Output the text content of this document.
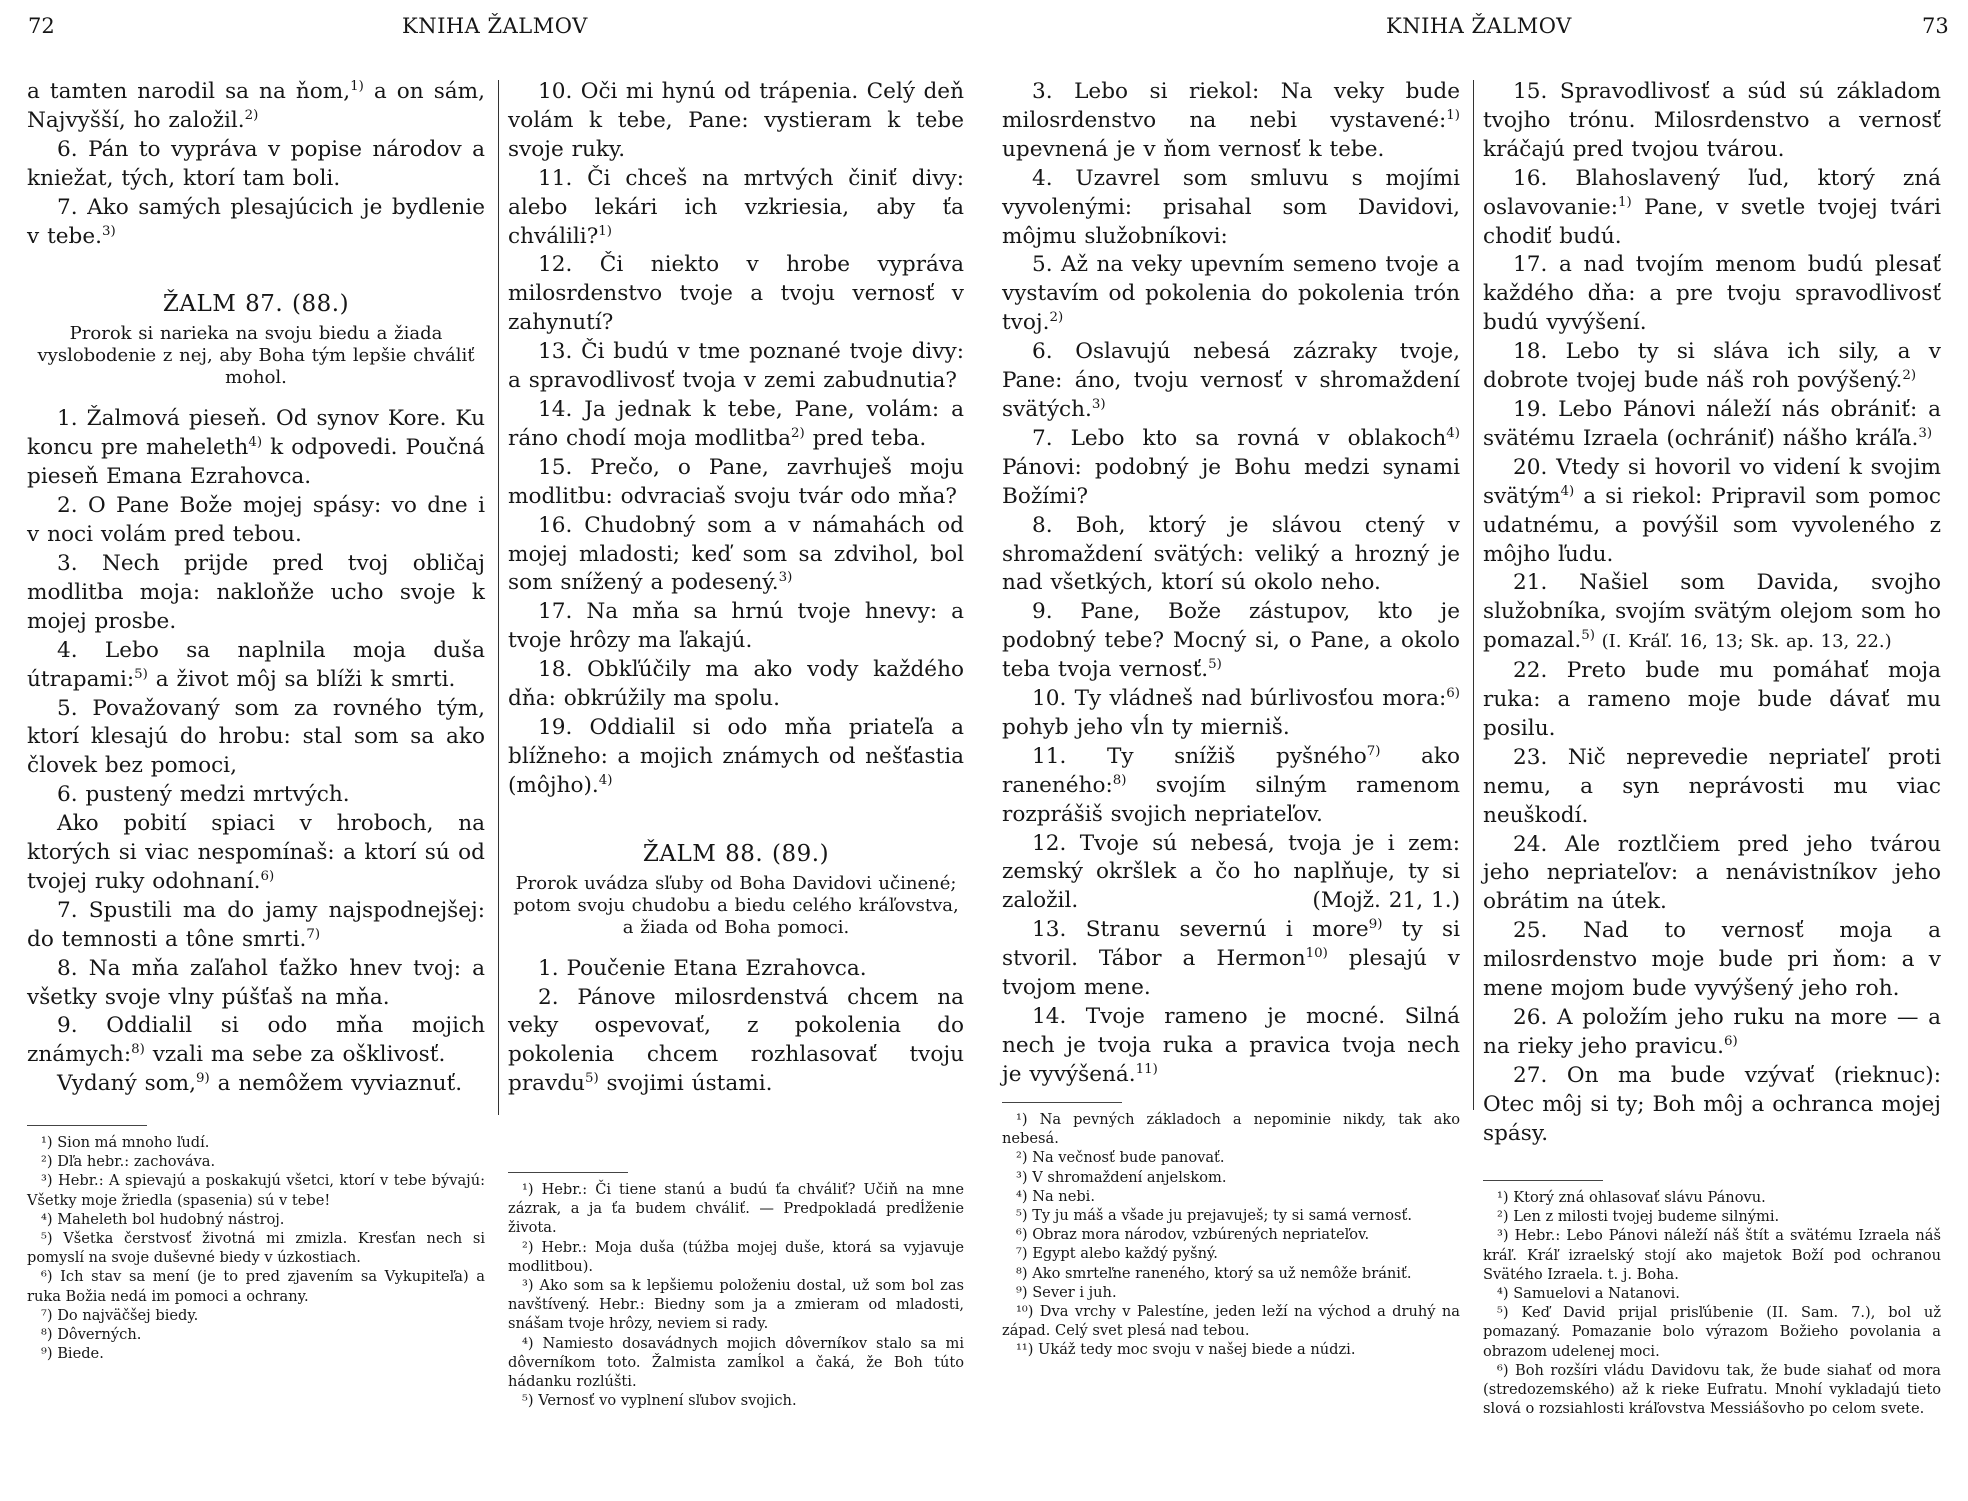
72	KNIHA ŽALMOV

a tamten narodil sa na ňom,$^{1)}$ a on sám, Najvyšší, ho založil.$^{2)}$

6. Pán to vypráva v popise národov a kniežat, tých, ktorí tam boli.

7. Ako samých plesajúcich je bydlenie v tebe.$^{3)}$

ŽALM 87. (88.)
Prorok si narieka na svoju biedu a žiada vyslobodenie z nej, aby Boha tým lepšie chváliť mohol.

1. Žalmová pieseň. Od synov Kore. Ku koncu pre maheleth$^{4)}$ k odpovedi. Poučná pieseň Emana Ezrahovca.

2. O Pane Bože mojej spásy: vo dne i v noci volám pred tebou.

3. Nech prijde pred tvoj obličaj modlitba moja: nakloňže ucho svoje k mojej prosbe.

4. Lebo sa naplnila moja duša útrapami:$^{5)}$ a život môj sa blíži k smrti.

5. Považovaný som za rovného tým, ktorí klesajú do hrobu: stal som sa ako človek bez pomoci,

6. pustený medzi mrtvých.

Ako pobití spiaci v hroboch, na ktorých si viac nespomínaš: a ktorí sú od tvojej ruky odohnaní.$^{6)}$

7. Spustili ma do jamy najspodnejšej: do temnosti a tône smrti.$^{7)}$

8. Na mňa zaľahol ťažko hnev tvoj: a všetky svoje vlny púšťaš na mňa.

9. Oddialil si odo mňa mojich známych:$^{8)}$ vzali ma sebe za ošklivosť.

Vydaný som,$^{9)}$ a nemôžem vyviaznuť.

10. Oči mi hynú od trápenia. Celý deň volám k tebe, Pane: vystieram k tebe svoje ruky.

11. Či chceš na mrtvých činiť divy: alebo lekári ich vzkriesia, aby ťa chválili?$^{1)}$

12. Či niekto v hrobe vypráva milosrdenstvo tvoje a tvoju vernosť v zahynutí?

13. Či budú v tme poznané tvoje divy: a spravodlivosť tvoja v zemi zabudnutia?

14. Ja jednak k tebe, Pane, volám: a ráno chodí moja modlitba$^{2)}$ pred teba.

15. Prečo, o Pane, zavrhuješ moju modlitbu: odvraciaš svoju tvár odo mňa?

16. Chudobný som a v námahách od mojej mladosti; keď som sa zdvihol, bol som snížený a podesený.$^{3)}$

17. Na mňa sa hrnú tvoje hnevy: a tvoje hrôzy ma ľakajú.

18. Obkľúčily ma ako vody každého dňa: obkrúžily ma spolu.

19. Oddialil si odo mňa priateľa a blížneho: a mojich známych od nešťastia (môjho).$^{4)}$

ŽALM 88. (89.)
Prorok uvádza sľuby od Boha Davidovi učinené; potom svoju chudobu a biedu celého kráľovstva, a žiada od Boha pomoci.

1. Poučenie Etana Ezrahovca.

2. Pánove milosrdenstvá chcem na veky ospevovať, z pokolenia do pokolenia chcem rozhlasovať tvoju pravdu$^{5)}$ svojimi ústami.

¹) Sion má mnoho ľudí.

²) Dľa hebr.: zachováva.

³) Hebr.: A spievajú a poskakujú všetci, ktorí v tebe bývajú: Všetky moje žriedla (spasenia) sú v tebe!

⁴) Maheleth bol hudobný nástroj.

⁵) Všetka čerstvosť životná mi zmizla. Kresťan nech si pomyslí na svoje duševné biedy v úzkostiach.

⁶) Ich stav sa mení (je to pred zjavením sa Vykupiteľa) a ruka Božia nedá im pomoci a ochrany.

⁷) Do najväčšej biedy.

⁸) Dôverných.

⁹) Biede.

¹) Hebr.: Či tiene stanú a budú ťa chváliť? Učiň na mne zázrak, a ja ťa budem chváliť. — Predpokladá predĺženie života.

²) Hebr.: Moja duša (túžba mojej duše, ktorá sa vyjavuje modlitbou).

³) Ako som sa k lepšiemu položeniu dostal, už som bol zas navštívený. Hebr.: Biedny som ja a zmieram od mladosti, snášam tvoje hrôzy, neviem si rady.

⁴) Namiesto dosavádnych mojich dôverníkov stalo sa mi dôverníkom toto. Žalmista zamĺkol a čaká, že Boh túto hádanku rozlúšti.

⁵) Vernosť vo vyplnení sľubov svojich.

KNIHA ŽALMOV	73

3. Lebo si riekol: Na veky bude milosrdenstvo na nebi vystavené:$^{1)}$ upevnená je v ňom vernosť k tebe.

4. Uzavrel som smluvu s mojími vyvolenými: prisahal som Davidovi, môjmu služobníkovi:

5. Až na veky upevním semeno tvoje a vystavím od pokolenia do pokolenia trón tvoj.$^{2)}$

6. Oslavujú nebesá zázraky tvoje, Pane: áno, tvoju vernosť v shromaždení svätých.$^{3)}$

7. Lebo kto sa rovná v oblakoch$^{4)}$ Pánovi: podobný je Bohu medzi synami Božími?

8. Boh, ktorý je slávou ctený v shromaždení svätých: veliký a hrozný je nad všetkých, ktorí sú okolo neho.

9. Pane, Bože zástupov, kto je podobný tebe? Mocný si, o Pane, a okolo teba tvoja vernosť.$^{5)}$

10. Ty vládneš nad búrlivosťou mora:$^{6)}$ pohyb jeho vĺn ty mierniš.

11. Ty snížiš pyšného$^{7)}$ ako raneného:$^{8)}$ svojím silným ramenom rozprášiš svojich nepriateľov.

12. Tvoje sú nebesá, tvoja je i zem: zemský okršlek a čo ho naplňuje, ty si založil.	(Mojž. 21, 1.)

13. Stranu severnú i more$^{9)}$ ty si stvoril. Tábor a Hermon$^{10)}$ plesajú v tvojom mene.

14. Tvoje rameno je mocné. Silná nech je tvoja ruka a pravica tvoja nech je vyvýšená.$^{11)}$

15. Spravodlivosť a súd sú základom tvojho trónu. Milosrdenstvo a vernosť kráčajú pred tvojou tvárou.

16. Blahoslavený ľud, ktorý zná oslavovanie:$^{1)}$ Pane, v svetle tvojej tvári chodiť budú.

17. a nad tvojím menom budú plesať každého dňa: a pre tvoju spravodlivosť budú vyvýšení.

18. Lebo ty si sláva ich sily, a v dobrote tvojej bude náš roh povýšený.$^{2)}$

19. Lebo Pánovi náleží nás obrániť: a svätému Izraela (ochrániť) nášho kráľa.$^{3)}$

20. Vtedy si hovoril vo videní k svojim svätým$^{4)}$ a si riekol: Pripravil som pomoc udatnému, a povýšil som vyvoleného z môjho ľudu.

21. Našiel som Davida, svojho služobníka, svojím svätým olejom som ho pomazal.$^{5)}$ (I. Kráľ. 16, 13; Sk. ap. 13, 22.)

22. Preto bude mu pomáhať moja ruka: a rameno moje bude dávať mu posilu.

23. Nič neprevedie nepriateľ proti nemu, a syn neprávosti mu viac neuškodí.

24. Ale roztlčiem pred jeho tvárou jeho nepriateľov: a nenávistníkov jeho obrátim na útek.

25. Nad to vernosť moja a milosrdenstvo moje bude pri ňom: a v mene mojom bude vyvýšený jeho roh.

26. A položím jeho ruku na more — a na rieky jeho pravicu.$^{6)}$

27. On ma bude vzývať (rieknuc): Otec môj si ty; Boh môj a ochranca mojej spásy.

¹) Na pevných základoch a nepominie nikdy, tak ako nebesá.

²) Na večnosť bude panovať.

³) V shromaždení anjelskom.

⁴) Na nebi.

⁵) Ty ju máš a všade ju prejavuješ; ty si samá vernosť.

⁶) Obraz mora národov, vzbúrených nepriateľov.

⁷) Egypt alebo každý pyšný.

⁸) Ako smrteľne raneného, ktorý sa už nemôže brániť.

⁹) Sever i juh.

¹⁰) Dva vrchy v Palestíne, jeden leží na východ a druhý na západ. Celý svet plesá nad tebou.

¹¹) Ukáž tedy moc svoju v našej biede a núdzi.

¹) Ktorý zná ohlasovať slávu Pánovu.

²) Len z milosti tvojej budeme silnými.

³) Hebr.: Lebo Pánovi náleží náš štít a svätému Izraela náš kráľ. Kráľ izraelský stojí ako majetok Boží pod ochranou Svätého Izraela. t. j. Boha.

⁴) Samuelovi a Natanovi.

⁵) Keď David prijal prisľúbenie (II. Sam. 7.), bol už pomazaný. Pomazanie bolo výrazom Božieho povolania a obrazom udelenej moci.

⁶) Boh rozšíri vládu Davidovu tak, že bude siahať od mora (stredozemského) až k rieke Eufratu. Mnohí vykladajú tieto slová o rozsiahlosti kráľovstva Messiášovho po celom svete.
